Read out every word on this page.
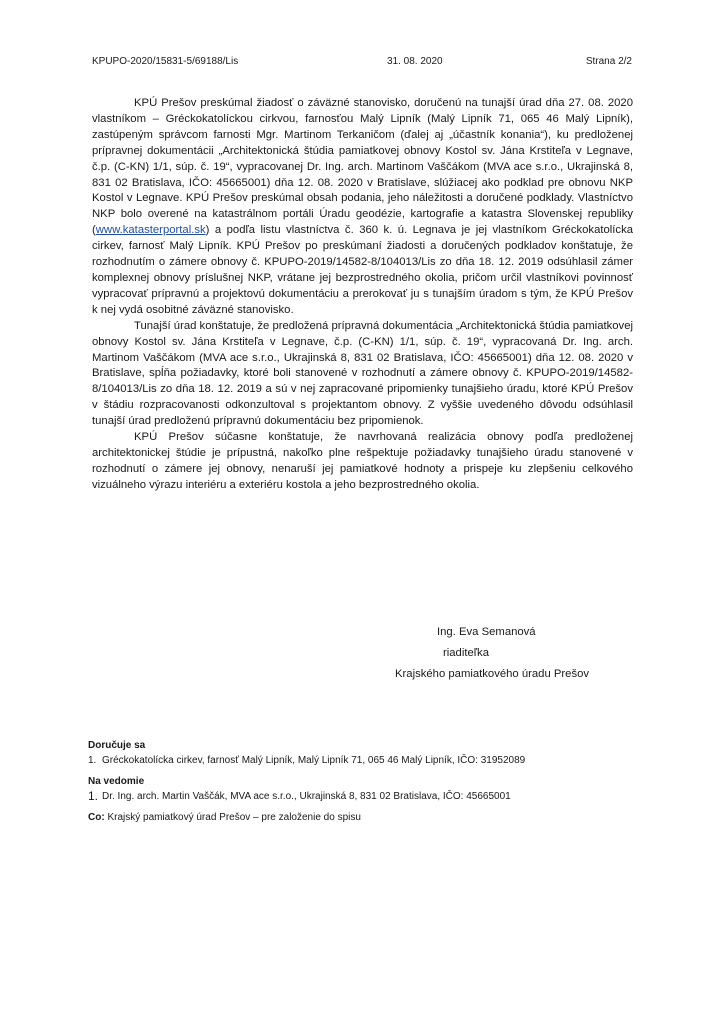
KPUPO-2020/15831-5/69188/Lis	31. 08. 2020	Strana 2/2

KPÚ Prešov preskúmal žiadosť o záväzné stanovisko, doručenú na tunajší úrad dňa 27. 08. 2020 vlastníkom – Gréckokatolíckou cirkvou, farnosťou Malý Lipník (Malý Lipník 71, 065 46 Malý Lipník), zastúpeným správcom farnosti Mgr. Martinom Terkaničom (ďalej aj „účastník konania“), ku predloženej prípravnej dokumentácii „Architektonická štúdia pamiatkovej obnovy Kostol sv. Jána Krstiteľa v Legnave, č.p. (C-KN) 1/1, súp. č. 19“, vypracovanej Dr. Ing. arch. Martinom Vaščákom (MVA ace s.r.o., Ukrajinská 8, 831 02 Bratislava, IČO: 45665001) dňa 12. 08. 2020 v Bratislave, slúžiacej ako podklad pre obnovu NKP Kostol v Legnave. KPÚ Prešov preskúmal obsah podania, jeho náležitosti a doručené podklady. Vlastníctvo NKP bolo overené na katastrálnom portáli Úradu geodézie, kartografie a katastra Slovenskej republiky (www.katasterportal.sk) a podľa listu vlastníctva č. 360 k. ú. Legnava je jej vlastníkom Gréckokatolícka cirkev, farnosť Malý Lipník. KPÚ Prešov po preskúmaní žiadosti a doručených podkladov konštatuje, že rozhodnutím o zámere obnovy č. KPUPO-2019/14582-8/104013/Lis zo dňa 18. 12. 2019 odsúhlasil zámer komplexnej obnovy príslušnej NKP, vrátane jej bezprostredného okolia, pričom určil vlastníkovi povinnosť vypracovať prípravnú a projektovú dokumentáciu a prerokovať ju s tunajším úradom s tým, že KPÚ Prešov k nej vydá osobitné záväzné stanovisko.

Tunajší úrad konštatuje, že predložená prípravná dokumentácia „Architektonická štúdia pamiatkovej obnovy Kostol sv. Jána Krstiteľa v Legnave, č.p. (C-KN) 1/1, súp. č. 19“, vypracovaná Dr. Ing. arch. Martinom Vaščákom (MVA ace s.r.o., Ukrajinská 8, 831 02 Bratislava, IČO: 45665001) dňa 12. 08. 2020 v Bratislave, spĺňa požiadavky, ktoré boli stanovené v rozhodnutí a zámere obnovy č. KPUPO-2019/14582-8/104013/Lis zo dňa 18. 12. 2019 a sú v nej zapracované pripomienky tunajšieho úradu, ktoré KPÚ Prešov v štádiu rozpracovanosti odkonzultoval s projektantom obnovy. Z vyššie uvedeného dôvodu odsúhlasil tunajší úrad predloženú prípravnú dokumentáciu bez pripomienok.

KPÚ Prešov súčasne konštatuje, že navrhovaná realizácia obnovy podľa predloženej architektonickej štúdie je prípustná, nakoľko plne rešpektuje požiadavky tunajšieho úradu stanovené v rozhodnutí o zámere jej obnovy, nenaruší jej pamiatkové hodnoty a prispeje ku zlepšeniu celkového vizuálneho výrazu interiéru a exteriéru kostola a jeho bezprostredného okolia.

Ing. Eva Semanová
riaditeľka
Krajského pamiatkového úradu Prešov
Doručuje sa
1. Gréckokatolícka cirkev, farnosť Malý Lipník, Malý Lipník 71, 065 46 Malý Lipník, IČO: 31952089
Na vedomie
1. Dr. Ing. arch. Martin Vaščák, MVA ace s.r.o., Ukrajinská 8, 831 02 Bratislava, IČO: 45665001
Co: Krajský pamiatkový úrad Prešov – pre založenie do spisu
